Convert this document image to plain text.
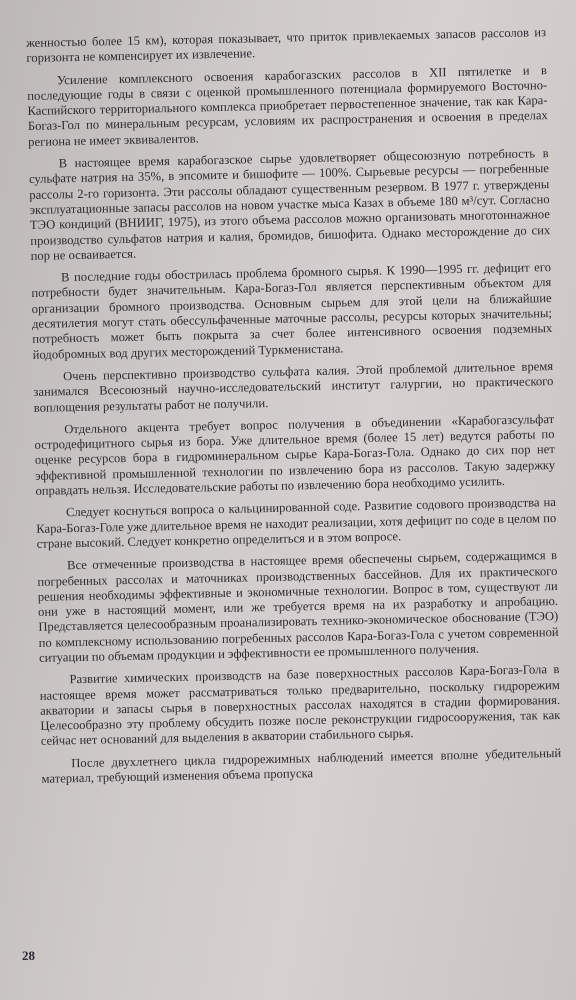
женностью более 15 км), которая показывает, что приток привлекаемых запасов рассолов из горизонта не компенсирует их извлечение.

Усиление комплексного освоения карабогазских рассолов в XII пятилетке и в последующие годы в связи с оценкой промышленного потенциала формируемого Восточно-Каспийского территориального комплекса приобретает первостепенное значение, так как Кара-Богаз-Гол по минеральным ресурсам, условиям их распространения и освоения в пределах региона не имеет эквивалентов.

В настоящее время карабогазское сырье удовлетворяет общесоюзную потребность в сульфате натрия на 35%, в эпсомите и бишофите — 100%. Сырьевые ресурсы — погребенные рассолы 2-го горизонта. Эти рассолы обладают существенным резервом. В 1977 г. утверждены эксплуатационные запасы рассолов на новом участке мыса Казах в объеме 180 м³/сут. Согласно ТЭО кондиций (ВНИИГ, 1975), из этого объема рассолов можно организовать многотоннажное производство сульфатов натрия и калия, бромидов, бишофита. Однако месторождение до сих пор не осваивается.

В последние годы обострилась проблема бромного сырья. К 1990—1995 гг. дефицит его потребности будет значительным. Кара-Богаз-Гол является перспективным объектом для организации бромного производства. Основным сырьем для этой цели на ближайшие десятилетия могут стать обессульфаченные маточные рассолы, ресурсы которых значительны; потребность может быть покрыта за счет более интенсивного освоения подземных йодобромных вод других месторождений Туркменистана.

Очень перспективно производство сульфата калия. Этой проблемой длительное время занимался Всесоюзный научно-исследовательский институт галургии, но практического воплощения результаты работ не получили.

Отдельного акцента требует вопрос получения в объединении «Карабогазсульфат остродефицитного сырья из бора. Уже длительное время (более 15 лет) ведутся работы по оценке ресурсов бора в гидроминеральном сырье Кара-Богаз-Гола. Однако до сих пор нет эффективной промышленной технологии по извлечению бора из рассолов. Такую задержку оправдать нельзя. Исследовательские работы по извлечению бора необходимо усилить.

Следует коснуться вопроса о кальцинированной соде. Развитие содового производства на Кара-Богаз-Голе уже длительное время не находит реализации, хотя дефицит по соде в целом по стране высокий. Следует конкретно определиться и в этом вопросе.

Все отмеченные производства в настоящее время обеспечены сырьем, содержащимся в погребенных рассолах и маточниках производственных бассейнов. Для их практического решения необходимы эффективные и экономичные технологии. Вопрос в том, существуют ли они уже в настоящий момент, или же требуется время на их разработку и апробацию. Представляется целесообразным проанализировать технико-экономическое обоснование (ТЭО) по комплексному использованию погребенных рассолов Кара-Богаз-Гола с учетом современной ситуации по объемам продукции и эффективности ее промышленного получения.

Развитие химических производств на базе поверхностных рассолов Кара-Богаз-Гола в настоящее время может рассматриваться только предварительно, поскольку гидрорежим акватории и запасы сырья в поверхностных рассолах находятся в стадии формирования. Целесообразно эту проблему обсудить позже после реконструкции гидросооружения, так как сейчас нет оснований для выделения в акватории стабильного сырья.

После двухлетнего цикла гидрорежимных наблюдений имеется вполне убедительный материал, требующий изменения объема пропуска

28
